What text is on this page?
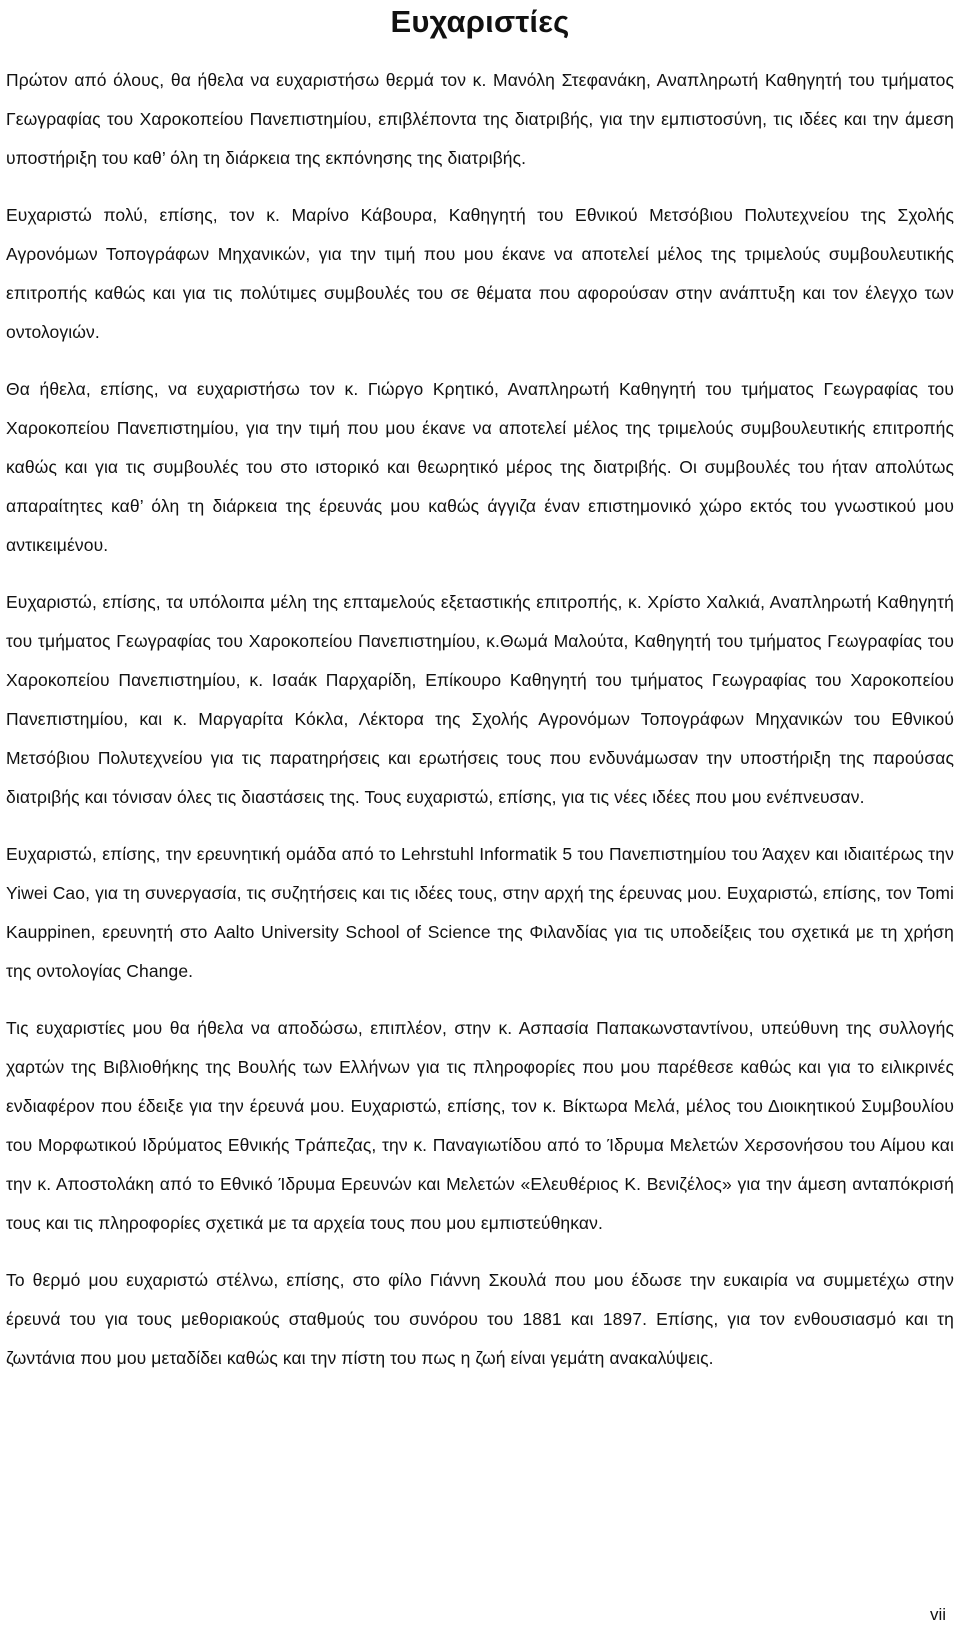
Ευχαριστίες

Πρώτον από όλους, θα ήθελα να ευχαριστήσω θερμά τον κ. Μανόλη Στεφανάκη, Αναπληρωτή Καθηγητή του τμήματος Γεωγραφίας του Χαροκοπείου Πανεπιστημίου, επιβλέποντα της διατριβής, για την εμπιστοσύνη, τις ιδέες και την άμεση υποστήριξη του καθ’ όλη τη διάρκεια της εκπόνησης της διατριβής.

Ευχαριστώ πολύ, επίσης, τον κ. Μαρίνο Κάβουρα, Καθηγητή του Εθνικού Μετσόβιου Πολυτεχνείου της Σχολής Αγρονόμων Τοπογράφων Μηχανικών, για την τιμή που μου έκανε να αποτελεί μέλος της τριμελούς συμβουλευτικής επιτροπής καθώς και για τις πολύτιμες συμβουλές του σε θέματα που αφορούσαν στην ανάπτυξη και τον έλεγχο των οντολογιών.

Θα ήθελα, επίσης, να ευχαριστήσω τον κ. Γιώργο Κρητικό, Αναπληρωτή Καθηγητή του τμήματος Γεωγραφίας του Χαροκοπείου Πανεπιστημίου, για την τιμή που μου έκανε να αποτελεί μέλος της τριμελούς συμβουλευτικής επιτροπής καθώς και για τις συμβουλές του στο ιστορικό και θεωρητικό μέρος της διατριβής. Οι συμβουλές του ήταν απολύτως απαραίτητες καθ’ όλη τη διάρκεια της έρευνάς μου καθώς άγγιζα έναν επιστημονικό χώρο εκτός του γνωστικού μου αντικειμένου.

Ευχαριστώ, επίσης, τα υπόλοιπα μέλη της επταμελούς εξεταστικής επιτροπής, κ. Χρίστο Χαλκιά, Αναπληρωτή Καθηγητή του τμήματος Γεωγραφίας του Χαροκοπείου Πανεπιστημίου, κ.Θωμά Μαλούτα, Καθηγητή του τμήματος Γεωγραφίας του Χαροκοπείου Πανεπιστημίου, κ. Ισαάκ Παρχαρίδη, Επίκουρο Καθηγητή του τμήματος Γεωγραφίας του Χαροκοπείου Πανεπιστημίου, και κ. Μαργαρίτα Κόκλα, Λέκτορα της Σχολής Αγρονόμων Τοπογράφων Μηχανικών του Εθνικού Μετσόβιου Πολυτεχνείου για τις παρατηρήσεις και ερωτήσεις τους που ενδυνάμωσαν την υποστήριξη της παρούσας διατριβής και τόνισαν όλες τις διαστάσεις της. Τους ευχαριστώ, επίσης, για τις νέες ιδέες που μου ενέπνευσαν.

Ευχαριστώ, επίσης, την ερευνητική ομάδα από το Lehrstuhl Informatik 5 του Πανεπιστημίου του Άαχεν και ιδιαιτέρως την Yiwei Cao, για τη συνεργασία, τις συζητήσεις και τις ιδέες τους, στην αρχή της έρευνας μου. Ευχαριστώ, επίσης, τον Tomi Kauppinen, ερευνητή στο Aalto University School of Science της Φιλανδίας για τις υποδείξεις του σχετικά με τη χρήση της οντολογίας Change.

Τις ευχαριστίες μου θα ήθελα να αποδώσω, επιπλέον, στην κ. Ασπασία Παπακωνσταντίνου, υπεύθυνη της συλλογής χαρτών της Βιβλιοθήκης της Βουλής των Ελλήνων για τις πληροφορίες που μου παρέθεσε καθώς και για το ειλικρινές ενδιαφέρον που έδειξε για την έρευνά μου. Ευχαριστώ, επίσης, τον κ. Βίκτωρα Μελά, μέλος του Διοικητικού Συμβουλίου του Μορφωτικού Ιδρύματος Εθνικής Τράπεζας, την κ. Παναγιωτίδου από το Ίδρυμα Μελετών Χερσονήσου του Αίμου και την κ. Αποστολάκη από το Εθνικό Ίδρυμα Ερευνών και Μελετών «Ελευθέριος Κ. Βενιζέλος» για την άμεση ανταπόκρισή τους και τις πληροφορίες σχετικά με τα αρχεία τους που μου εμπιστεύθηκαν.

Το θερμό μου ευχαριστώ στέλνω, επίσης, στο φίλο Γιάννη Σκουλά που μου έδωσε την ευκαιρία να συμμετέχω στην έρευνά του για τους μεθοριακούς σταθμούς του συνόρου του 1881 και 1897. Επίσης, για τον ενθουσιασμό και τη ζωντάνια που μου μεταδίδει καθώς και την πίστη του πως η ζωή είναι γεμάτη ανακαλύψεις.

vii
